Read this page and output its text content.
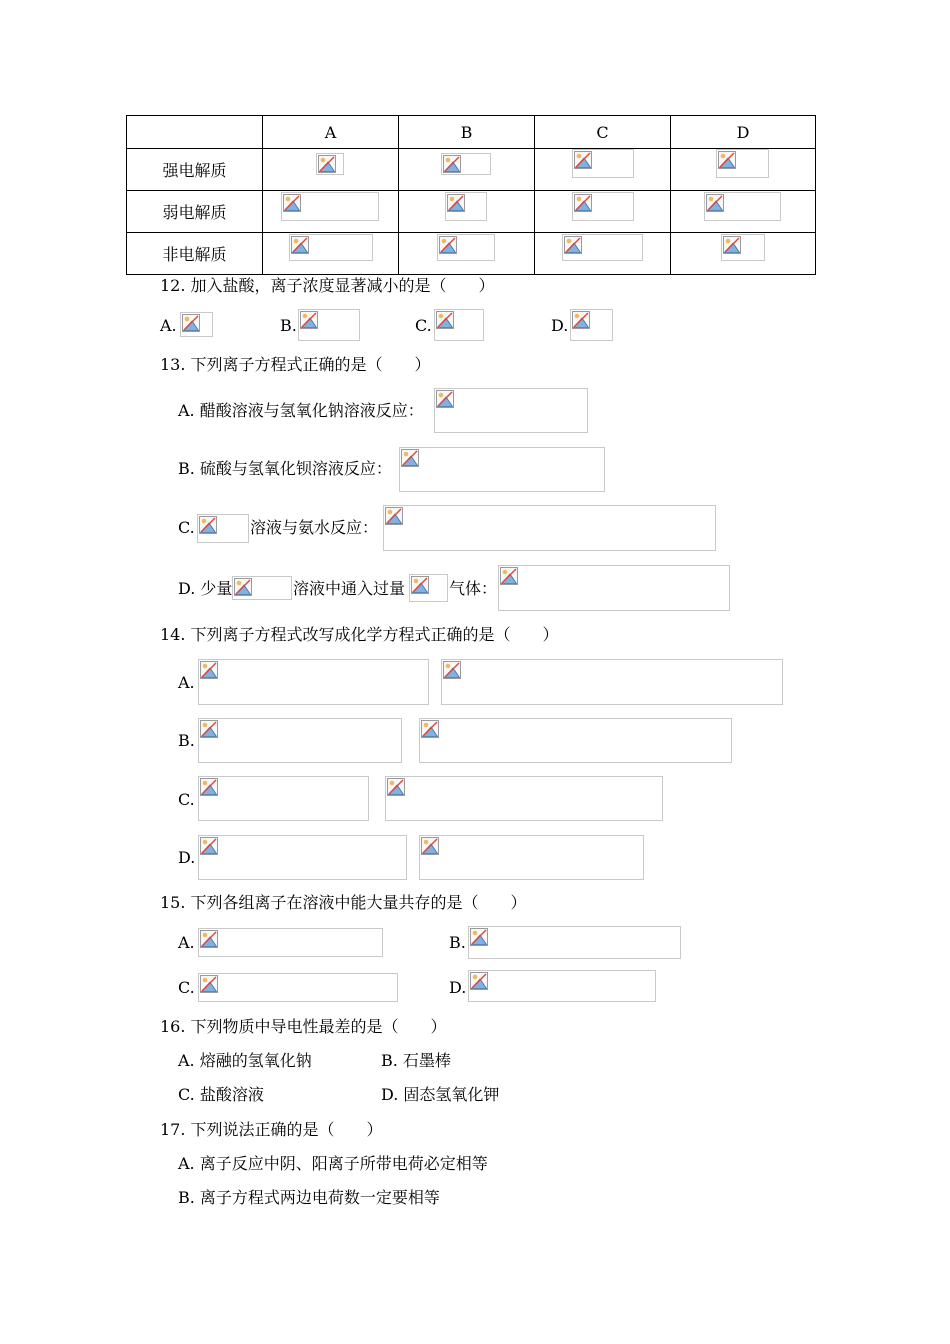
	A	B	C	D
强电解质	

弱电解质	

非电解质	

12. 加入盐酸，离子浓度显著减小的是（　　）
A.	B.	C.	D.
13. 下列离子方程式正确的是（　　）
A. 醋酸溶液与氢氧化钠溶液反应：
B. 硫酸与氢氧化钡溶液反应：
C.	溶液与氨水反应：
D. 少量	溶液中通入过量	气体：
14. 下列离子方程式改写成化学方程式正确的是（　　）
A.
B.
C.
D.
15. 下列各组离子在溶液中能大量共存的是（　　）
A.	B.
C.	D.
16. 下列物质中导电性最差的是（　　）
A. 熔融的氢氧化钠	B. 石墨棒
C. 盐酸溶液	D. 固态氢氧化钾
17. 下列说法正确的是（　　）
A. 离子反应中阴、阳离子所带电荷必定相等
B. 离子方程式两边电荷数一定要相等
